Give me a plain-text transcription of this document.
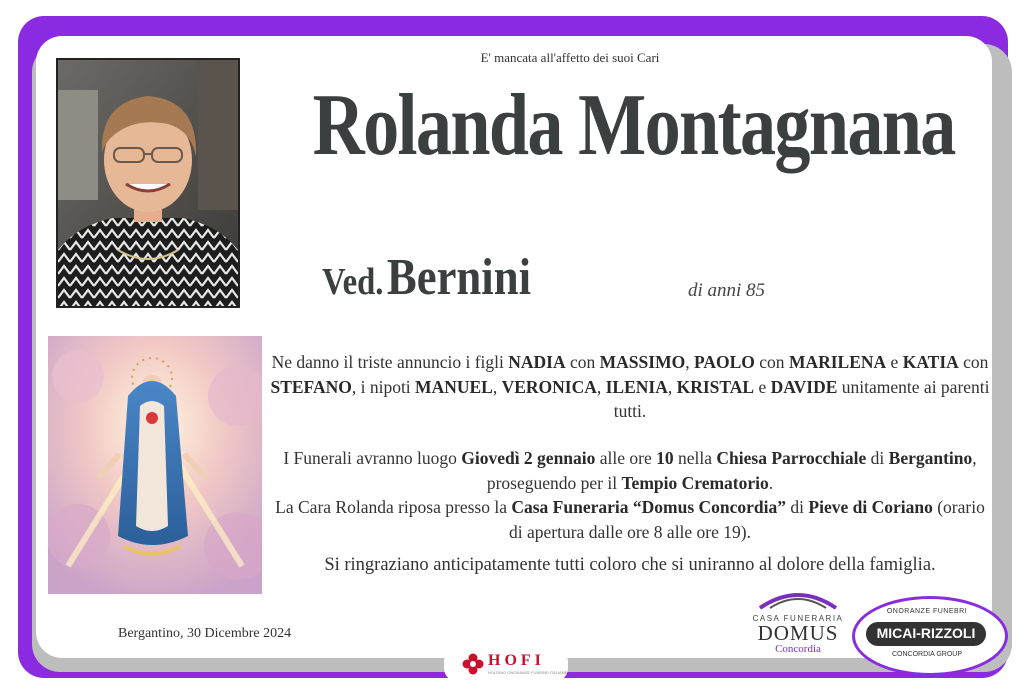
E' mancata all'affetto dei suoi Cari
Rolanda Montagnana
Ved. Bernini	di anni 85
Ne danno il triste annuncio i figli NADIA con MASSIMO, PAOLO con MARILENA e KATIA con STEFANO, i nipoti MANUEL, VERONICA, ILENIA, KRISTAL e DAVIDE unitamente ai parenti tutti.
I Funerali avranno luogo Giovedì 2 gennaio alle ore 10 nella Chiesa Parrocchiale di Bergantino, proseguendo per il Tempio Crematorio.
La Cara Rolanda riposa presso la Casa Funeraria “Domus Concordia” di Pieve di Coriano (orario di apertura dalle ore 8 alle ore 19).
Si ringraziano anticipatamente tutti coloro che si uniranno al dolore della famiglia.
Bergantino, 30 Dicembre 2024
CASA FUNERARIA
DOMUS
Concordia
ONORANZE FUNEBRI
MICAI-RIZZOLI
CONCORDIA GROUP
HOFI
HOLDING ONORANZE FUNEBRI ITALIANE
